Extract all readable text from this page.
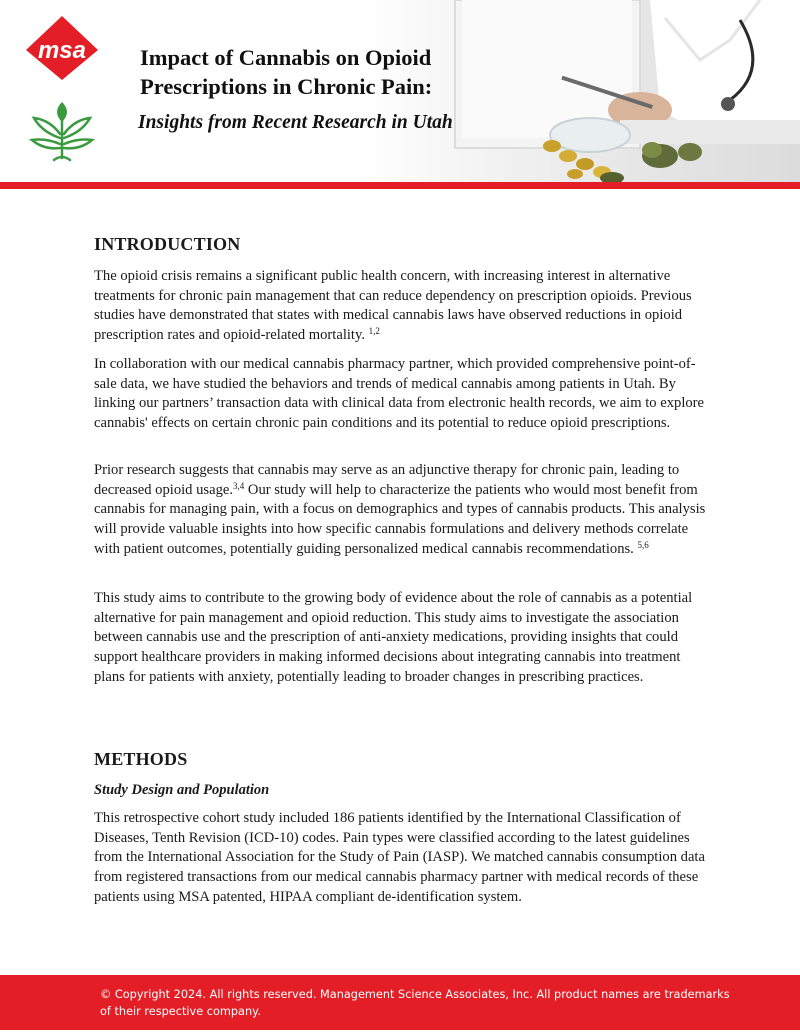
msa Impact of Cannabis on Opioid
Prescriptions in Chronic Pain:
Insights from Recent Research in Utah
INTRODUCTION

The opioid crisis remains a significant public health concern, with increasing interest in alternative treatments for chronic pain management that can reduce dependency on prescription opioids. Previous studies have demonstrated that states with medical cannabis laws have observed reductions in opioid prescription rates and opioid-related mortality. $^{1,2}$

In collaboration with our medical cannabis pharmacy partner, which provided comprehensive point-of-sale data, we have studied the behaviors and trends of medical cannabis among patients in Utah. By linking our partners’ transaction data with clinical data from electronic health records, we aim to explore cannabis' effects on certain chronic pain conditions and its potential to reduce opioid prescriptions.

Prior research suggests that cannabis may serve as an adjunctive therapy for chronic pain, leading to decreased opioid usage.$^{3,4}$ Our study will help to characterize the patients who would most benefit from cannabis for managing pain, with a focus on demographics and types of cannabis products. This analysis will provide valuable insights into how specific cannabis formulations and delivery methods correlate with patient outcomes, potentially guiding personalized medical cannabis recommendations. $^{5,6}$

This study aims to contribute to the growing body of evidence about the role of cannabis as a potential alternative for pain management and opioid reduction. This study aims to investigate the association between cannabis use and the prescription of anti-anxiety medications, providing insights that could support healthcare providers in making informed decisions about integrating cannabis into treatment plans for patients with anxiety, potentially leading to broader changes in prescribing practices.

METHODS
Study Design and Population

This retrospective cohort study included 186 patients identified by the International Classification of Diseases, Tenth Revision (ICD-10) codes. Pain types were classified according to the latest guidelines from the International Association for the Study of Pain (IASP). We matched cannabis consumption data from registered transactions from our medical cannabis pharmacy partner with medical records of these patients using MSA patented, HIPAA compliant de-identification system.

© Copyright 2024. All rights reserved. Management Science Associates, Inc. All product names are trademarks of their respective company.
